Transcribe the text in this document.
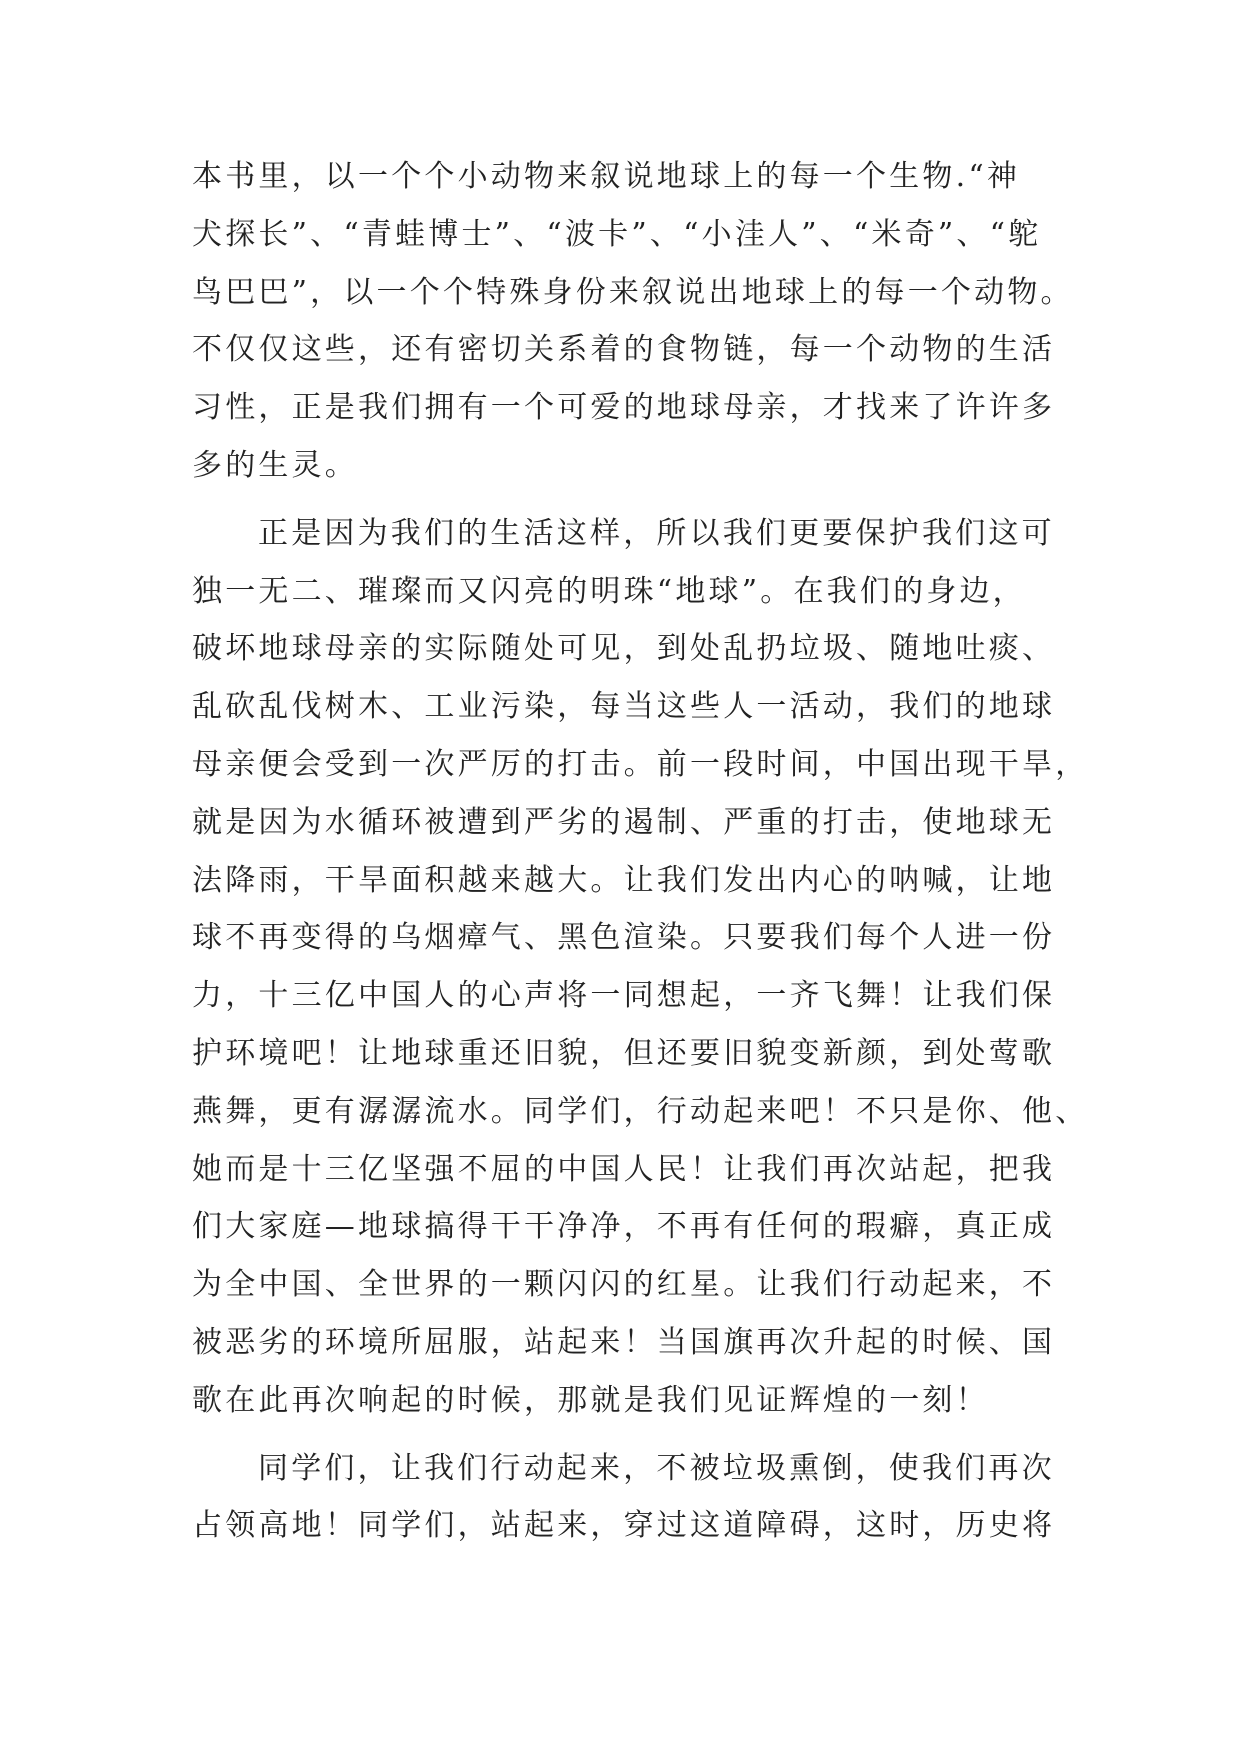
本书里，以一个个小动物来叙说地球上的每一个生物.“神
犬探长”、“青蛙博士”、“波卡”、“小洼人”、“米奇”、“鸵
鸟巴巴”，以一个个特殊身份来叙说出地球上的每一个动物。
不仅仅这些，还有密切关系着的食物链，每一个动物的生活
习性，正是我们拥有一个可爱的地球母亲，才找来了许许多
多的生灵。
正是因为我们的生活这样，所以我们更要保护我们这可
独一无二、璀璨而又闪亮的明珠“地球”。在我们的身边，
破坏地球母亲的实际随处可见，到处乱扔垃圾、随地吐痰、
乱砍乱伐树木、工业污染，每当这些人一活动，我们的地球
母亲便会受到一次严厉的打击。前一段时间，中国出现干旱，
就是因为水循环被遭到严劣的遏制、严重的打击，使地球无
法降雨，干旱面积越来越大。让我们发出内心的呐喊，让地
球不再变得的乌烟瘴气、黑色渲染。只要我们每个人进一份
力，十三亿中国人的心声将一同想起，一齐飞舞！让我们保
护环境吧！让地球重还旧貌，但还要旧貌变新颜，到处莺歌
燕舞，更有潺潺流水。同学们，行动起来吧！不只是你、他、
她而是十三亿坚强不屈的中国人民！让我们再次站起，把我
们大家庭—地球搞得干干净净，不再有任何的瑕癖，真正成
为全中国、全世界的一颗闪闪的红星。让我们行动起来，不
被恶劣的环境所屈服，站起来！当国旗再次升起的时候、国
歌在此再次响起的时候，那就是我们见证辉煌的一刻！
同学们，让我们行动起来，不被垃圾熏倒，使我们再次
占领高地！同学们，站起来，穿过这道障碍，这时，历史将
